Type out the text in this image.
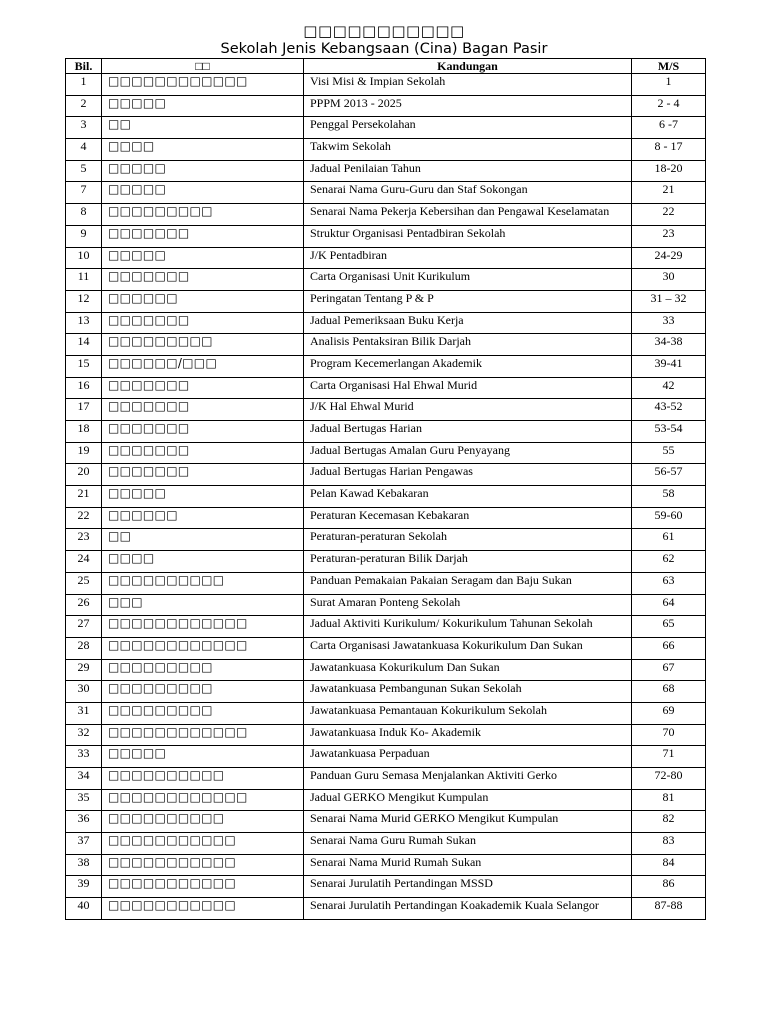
□□□□□□□□□□□
Sekolah Jenis Kebangsaan (Cina) Bagan Pasir
Bil.	□□	Kandungan	M/S
1	□□□□□□□□□□□□	Visi Misi & Impian Sekolah	1
2	□□□□□	PPPM 2013 - 2025	2 - 4
3	□□	Penggal Persekolahan	6 -7
4	□□□□	Takwim Sekolah	8 - 17
5	□□□□□	Jadual Penilaian Tahun	18-20
7	□□□□□	Senarai Nama Guru-Guru dan Staf Sokongan	21
8	□□□□□□□□□	Senarai Nama Pekerja Kebersihan dan Pengawal Keselamatan	22
9	□□□□□□□	Struktur Organisasi Pentadbiran Sekolah	23
10	□□□□□	J/K Pentadbiran	24-29
11	□□□□□□□	Carta Organisasi Unit Kurikulum	30
12	□□□□□□	Peringatan Tentang P & P	31 – 32
13	□□□□□□□	Jadual Pemeriksaan Buku Kerja	33
14	□□□□□□□□□	Analisis Pentaksiran Bilik Darjah	34-38
15	□□□□□□/□□□	Program Kecemerlangan Akademik	39-41
16	□□□□□□□	Carta Organisasi Hal Ehwal Murid	42
17	□□□□□□□	J/K Hal Ehwal Murid	43-52
18	□□□□□□□	Jadual Bertugas Harian	53-54
19	□□□□□□□	Jadual Bertugas Amalan Guru Penyayang	55
20	□□□□□□□	Jadual Bertugas Harian Pengawas	56-57
21	□□□□□	Pelan Kawad Kebakaran	58
22	□□□□□□	Peraturan Kecemasan Kebakaran	59-60
23	□□	Peraturan-peraturan Sekolah	61
24	□□□□	Peraturan-peraturan Bilik Darjah	62
25	□□□□□□□□□□	Panduan Pemakaian Pakaian Seragam dan Baju Sukan	63
26	□□□	Surat Amaran Ponteng Sekolah	64
27	□□□□□□□□□□□□	Jadual Aktiviti Kurikulum/ Kokurikulum Tahunan Sekolah	65
28	□□□□□□□□□□□□	Carta Organisasi Jawatankuasa Kokurikulum Dan Sukan	66
29	□□□□□□□□□	Jawatankuasa Kokurikulum Dan Sukan	67
30	□□□□□□□□□	Jawatankuasa Pembangunan Sukan Sekolah	68
31	□□□□□□□□□	Jawatankuasa Pemantauan Kokurikulum Sekolah	69
32	□□□□□□□□□□□□	Jawatankuasa Induk Ko- Akademik	70
33	□□□□□	Jawatankuasa Perpaduan	71
34	□□□□□□□□□□	Panduan Guru Semasa Menjalankan Aktiviti Gerko	72-80
35	□□□□□□□□□□□□	Jadual GERKO Mengikut Kumpulan	81
36	□□□□□□□□□□	Senarai Nama Murid GERKO Mengikut Kumpulan	82
37	□□□□□□□□□□□	Senarai Nama Guru Rumah Sukan	83
38	□□□□□□□□□□□	Senarai Nama Murid Rumah Sukan	84
39	□□□□□□□□□□□	Senarai Jurulatih Pertandingan MSSD	86
40	□□□□□□□□□□□	Senarai Jurulatih Pertandingan Koakademik Kuala Selangor	87-88
